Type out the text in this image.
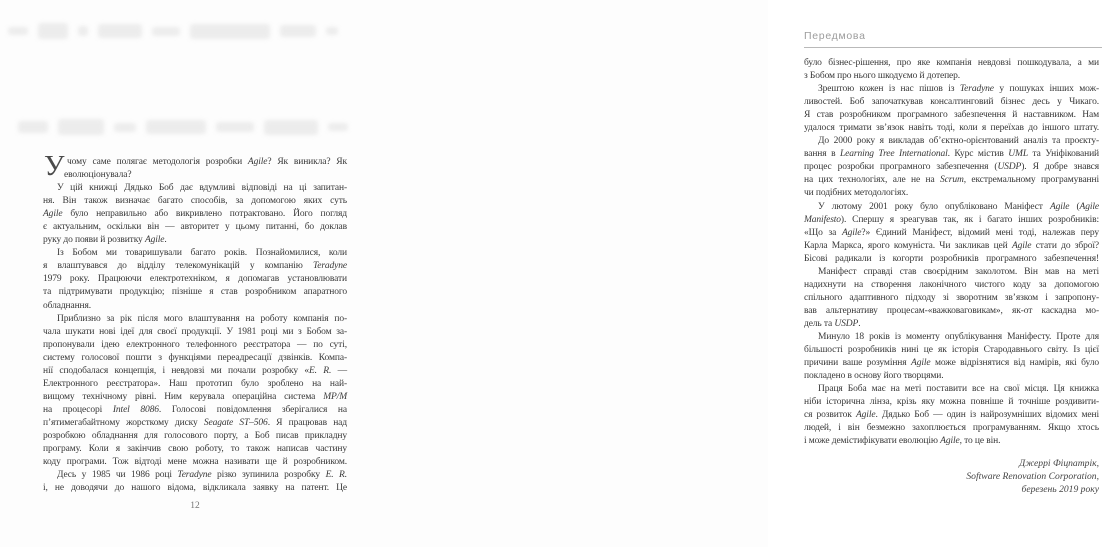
У чому саме полягає методологія розробки Agile? Як виникла? Як
еволюціонувала?
У цій книжці Дядько Боб дає вдумливі відповіді на ці запитан-
ня. Він також визначає багато способів, за допомогою яких суть
Agile було неправильно або викривлено потрактовано. Його погляд
є актуальним, оскільки він — авторитет у цьому питанні, бо доклав
руку до появи й розвитку Agile.
Із Бобом ми товаришували багато років. Познайомилися, коли
я влаштувався до відділу телекомунікацій у компанію Teradyne
1979 року. Працюючи електротехніком, я допомагав установлювати
та підтримувати продукцію; пізніше я став розробником апаратного
обладнання.
Приблизно за рік після мого влаштування на роботу компанія по-
чала шукати нові ідеї для своєї продукції. У 1981 році ми з Бобом за-
пропонували ідею електронного телефонного реєстратора — по суті,
систему голосової пошти з функціями переадресації дзвінків. Компа-
нії сподобалася концепція, і невдовзі ми почали розробку «E. R. —
Електронного реєстратора». Наш прототип було зроблено на най-
вищому технічному рівні. Ним керувала операційна система MP/M
на процесорі Intel 8086. Голосові повідомлення зберігалися на
п’ятимегабайтному жорсткому диску Seagate ST–506. Я працював над
розробкою обладнання для голосового порту, а Боб писав прикладну
програму. Коли я закінчив свою роботу, то також написав частину
коду програми. Тож відтоді мене можна називати ще й розробником.
Десь у 1985 чи 1986 році Teradyne різко зупинила розробку E. R.
і, не доводячи до нашого відома, відкликала заявку на патент. Це
12
Передмова
було бізнес-рішення, про яке компанія невдовзі пошкодувала, а ми
з Бобом про нього шкодуємо й дотепер.
Зрештою кожен із нас пішов із Teradyne у пошуках інших мож-
ливостей. Боб започаткував консалтинговий бізнес десь у Чикаго.
Я став розробником програмного забезпечення й наставником. Нам
удалося тримати зв’язок навіть тоді, коли я переїхав до іншого штату.
До 2000 року я викладав об’єктно-орієнтований аналіз та проєкту-
вання в Learning Tree International. Курс містив UML та Уніфікований
процес розробки програмного забезпечення (USDP). Я добре знався
на цих технологіях, але не на Scrum, екстремальному програмуванні
чи подібних методологіях.
У лютому 2001 року було опубліковано Маніфест Agile (Agile
Manifesto). Спершу я зреагував так, як і багато інших розробників:
«Що за Agile?» Єдиний Маніфест, відомий мені тоді, належав перу
Карла Маркса, ярого комуніста. Чи закликав цей Agile стати до зброї?
Бісові радикали із когорти розробників програмного забезпечення!
Маніфест справді став своєрідним заколотом. Він мав на меті
надихнути на створення лаконічного чистого коду за допомогою
спільного адаптивного підходу зі зворотним зв’язком і запропону-
вав альтернативу процесам-«важковаговикам», як-от каскадна мо-
дель та USDP.
Минуло 18 років із моменту опублікування Маніфесту. Проте для
більшості розробників нині це як історія Стародавнього світу. Із цієї
причини ваше розуміння Agile може відрізнятися від намірів, які було
покладено в основу його творцями.
Праця Боба має на меті поставити все на свої місця. Ця книжка
ніби історична лінза, крізь яку можна повніше й точніше роздивити-
ся розвиток Agile. Дядько Боб — один із найрозумніших відомих мені
людей, і він безмежно захоплюється програмуванням. Якщо хтось
і може демістифікувати еволюцію Agile, то це він.
Джеррі Фіцпатрік,
Software Renovation Corporation,
березень 2019 року
